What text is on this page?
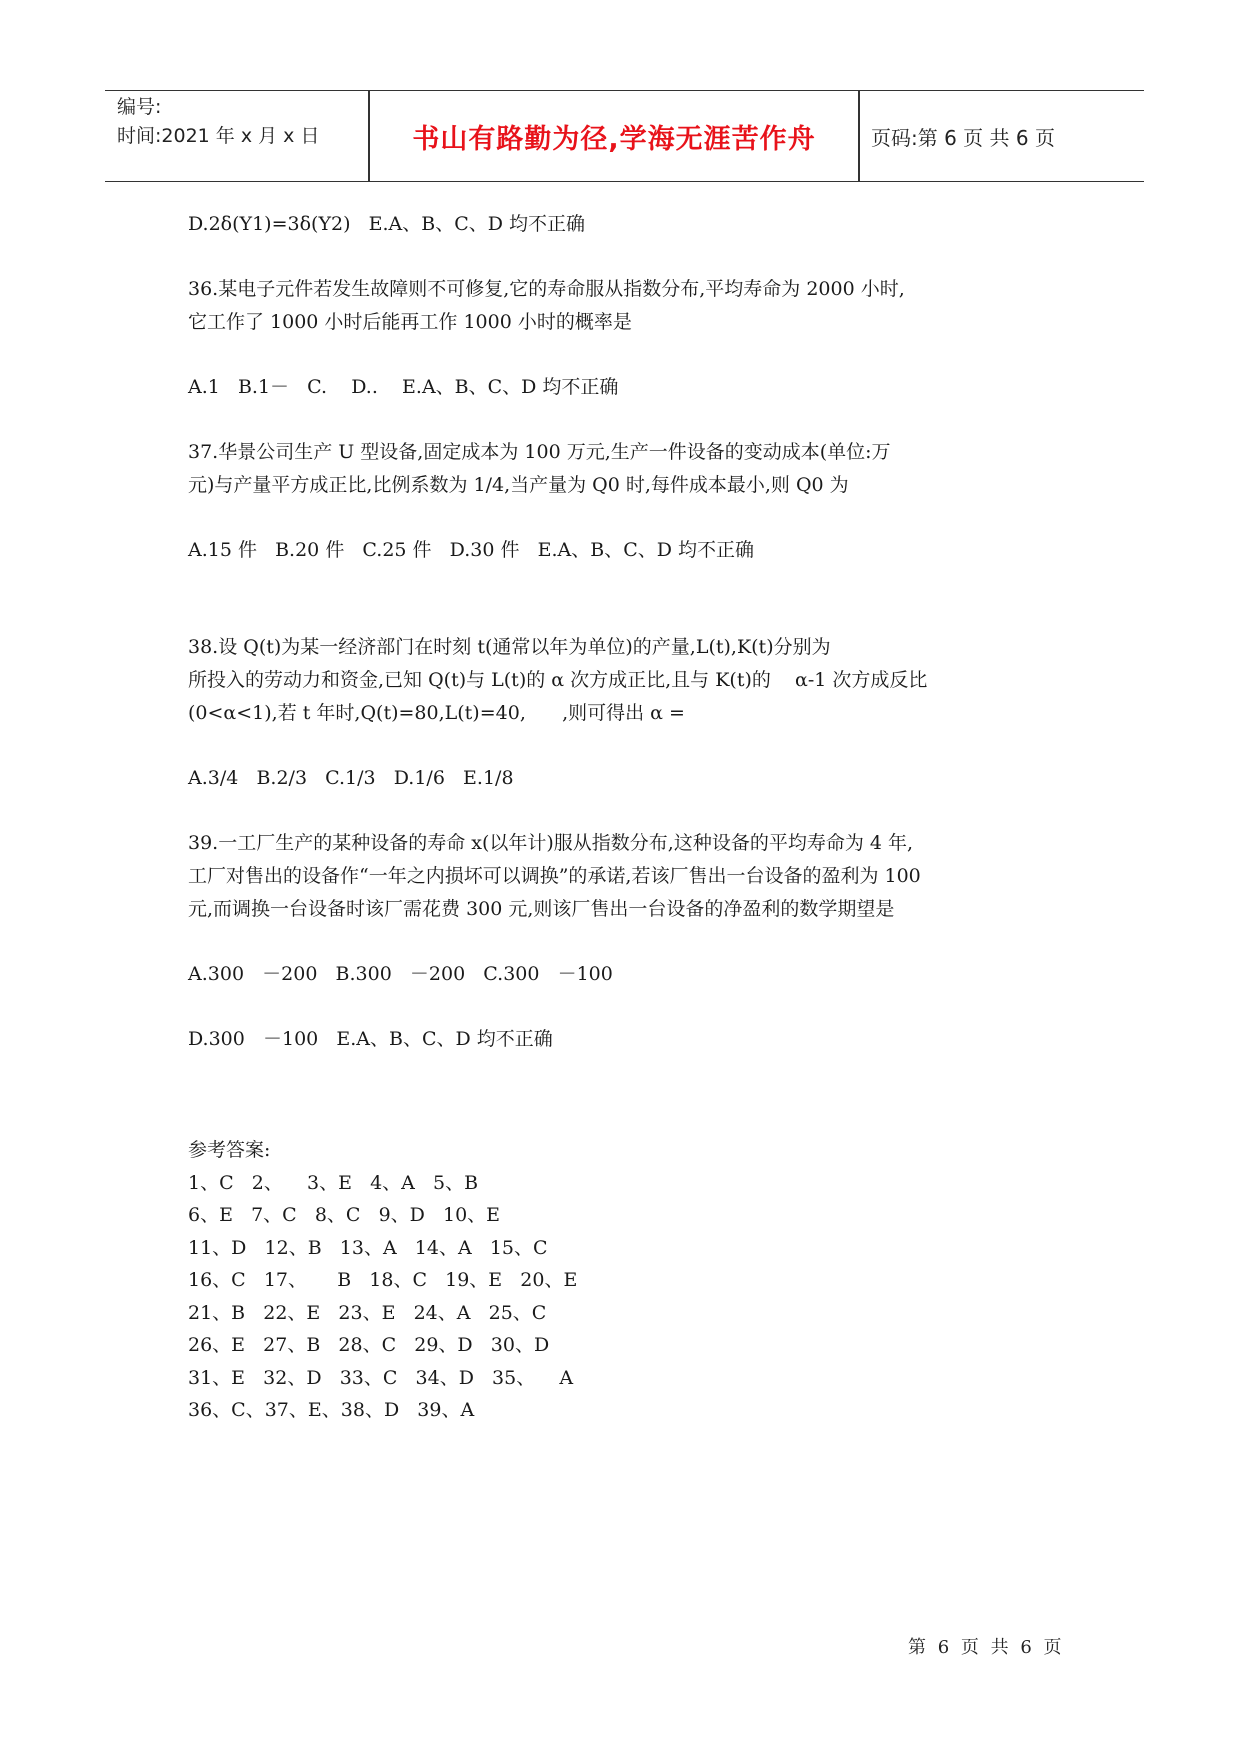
编号:
时间:2021 年 x 月 x 日	书山有路勤为径,学海无涯苦作舟	页码:第 6 页 共 6 页

D.2δ(Y1)=3δ(Y2)   E.A、B、C、D 均不正确

36.某电子元件若发生故障则不可修复,它的寿命服从指数分布,平均寿命为 2000 小时,

它工作了 1000 小时后能再工作 1000 小时的概率是

A.1   B.1－   C.    D..    E.A、B、C、D 均不正确

37.华景公司生产 U 型设备,固定成本为 100 万元,生产一件设备的变动成本(单位:万

元)与产量平方成正比,比例系数为 1/4,当产量为 Q0 时,每件成本最小,则 Q0 为

A.15 件   B.20 件   C.25 件   D.30 件   E.A、B、C、D 均不正确

38.设 Q(t)为某一经济部门在时刻 t(通常以年为单位)的产量,L(t),K(t)分别为

所投入的劳动力和资金,已知 Q(t)与 L(t)的 α 次方成正比,且与 K(t)的    α-1 次方成反比

(0<α<1),若 t 年时,Q(t)=80,L(t)=40,      ,则可得出 α =

A.3/4   B.2/3   C.1/3   D.1/6   E.1/8

39.一工厂生产的某种设备的寿命 x(以年计)服从指数分布,这种设备的平均寿命为 4 年,

工厂对售出的设备作“一年之内损坏可以调换”的承诺,若该厂售出一台设备的盈利为 100

元,而调换一台设备时该厂需花费 300 元,则该厂售出一台设备的净盈利的数学期望是

A.300   －200   B.300   －200   C.300   －100

D.300   －100   E.A、B、C、D 均不正确

参考答案:

1、C   2、    3、E   4、A   5、B

6、E   7、C   8、C   9、D   10、E

11、D   12、B   13、A   14、A   15、C

16、C   17、     B   18、C   19、E   20、E

21、B   22、E   23、E   24、A   25、C

26、E   27、B   28、C   29、D   30、D

31、E   32、D   33、C   34、D   35、    A

36、C、37、E、38、D   39、A

第 6 页 共 6 页
